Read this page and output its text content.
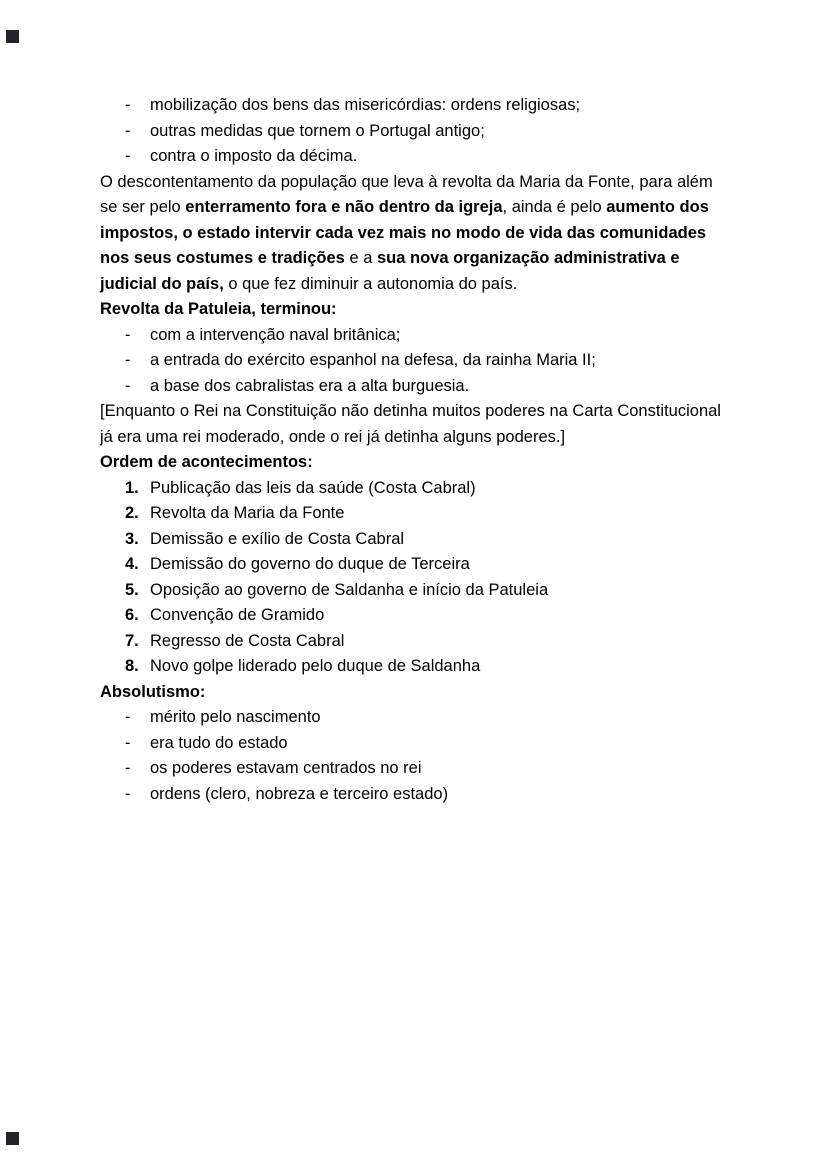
-	mobilização dos bens das misericórdias: ordens religiosas;
-	outras medidas que tornem o Portugal antigo;
-	contra o imposto da décima.

O descontentamento da população que leva à revolta da Maria da Fonte, para além se ser pelo enterramento fora e não dentro da igreja, ainda é pelo aumento dos impostos, o estado intervir cada vez mais no modo de vida das comunidades nos seus costumes e tradições e a sua nova organização administrativa e judicial do país, o que fez diminuir a autonomia do país.

Revolta da Patuleia, terminou:
-	com a intervenção naval britânica;
-	a entrada do exército espanhol na defesa, da rainha Maria II;
-	a base dos cabralistas era a alta burguesia.

[Enquanto o Rei na Constituição não detinha muitos poderes na Carta Constitucional já era uma rei moderado, onde o rei já detinha alguns poderes.]

Ordem de acontecimentos:
1. Publicação das leis da saúde (Costa Cabral)
2. Revolta da Maria da Fonte
3. Demissão e exílio de Costa Cabral
4. Demissão do governo do duque de Terceira
5. Oposição ao governo de Saldanha e início da Patuleia
6. Convenção de Gramido
7. Regresso de Costa Cabral
8. Novo golpe liderado pelo duque de Saldanha
Absolutismo:
-	mérito pelo nascimento
-	era tudo do estado
-	os poderes estavam centrados no rei
-	ordens (clero, nobreza e terceiro estado)
